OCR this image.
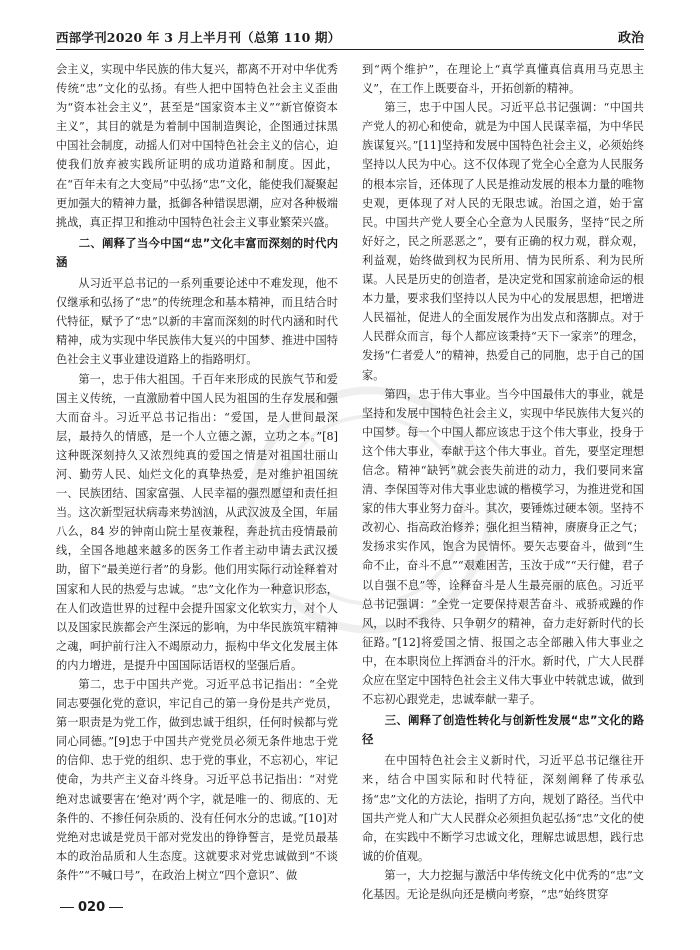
西部学刊2020 年 3 月上半月刊（总第 110 期）	政治

会主义，实现中华民族的伟大复兴，都离不开对中华优秀传统“忠”文化的弘扬。有些人把中国特色社会主义歪曲为“资本社会主义”，甚至是“国家资本主义”“新官僚资本主义”，其目的就是为着制中国制造舆论，企图通过抹黑中国社会制度，动摇人们对中国特色社会主义的信心，迫使我们放弃被实践所证明的成功道路和制度。因此，在“百年未有之大变局”中弘扬“忠”文化，能使我们凝聚起更加强大的精神力量，抵御各种错误思潮，应对各种极端挑战，真正捍卫和推动中国特色社会主义事业繁荣兴盛。

二、阐释了当今中国“忠”文化丰富而深刻的时代内涵

从习近平总书记的一系列重要论述中不难发现，他不仅继承和弘扬了“忠”的传统理念和基本精神，而且结合时代特征，赋予了“忠”以新的丰富而深刻的时代内涵和时代精神，成为实现中华民族伟大复兴的中国梦、推进中国特色社会主义事业建设道路上的指路明灯。

第一，忠于伟大祖国。千百年来形成的民族气节和爱国主义传统，一直激励着中国人民为祖国的生存发展和强大而奋斗。习近平总书记指出：“爱国，是人世间最深层，最持久的情感，是一个人立德之源，立功之本。”[8]这种既深刻持久又浓烈纯真的爱国之情是对祖国壮丽山河、勤劳人民、灿烂文化的真挚热爱，是对维护祖国统一、民族团结、国家富强、人民幸福的强烈愿望和责任担当。这次新型冠状病毒来势汹汹，从武汉波及全国，年届八么，84 岁的钟南山院士星夜兼程，奔赴抗击疫情最前线，全国各地越来越多的医务工作者主动申请去武汉援助，留下“最美逆行者”的身影。他们用实际行动诠释着对国家和人民的热爱与忠诚。“忠”文化作为一种意识形态，在人们改造世界的过程中会提升国家文化软实力，对个人以及国家民族都会产生深远的影响，为中华民族筑牢精神之魂，呵护前行注入不竭原动力，振构中华文化发展主体的内力增进，是提升中国国际话语权的坚强后盾。

第二，忠于中国共产党。习近平总书记指出：“全党同志要强化党的意识，牢记自己的第一身份是共产党员，第一职责是为党工作，做到忠诚于组织，任何时候都与党同心同德。”[9]忠于中国共产党党员必须无条件地忠于党的信仰、忠于党的组织、忠于党的事业，不忘初心，牢记使命，为共产主义奋斗终身。习近平总书记指出：“对党绝对忠诚要害在‘绝对’两个字，就是唯一的、彻底的、无条件的、不掺任何杂质的、没有任何水分的忠诚。”[10]对党绝对忠诚是党员干部对党发出的铮铮誓言，是党员最基本的政治品质和人生态度。这就要求对党忠诚做到“不谈条件”“不喊口号”，在政治上树立“四个意识”、做

到“两个维护”，在理论上“真学真懂真信真用马克思主义”，在工作上既要奋斗，开拓创新的精神。

第三，忠于中国人民。习近平总书记强调：“中国共产党人的初心和使命，就是为中国人民谋幸福，为中华民族谋复兴。”[11]坚持和发展中国特色社会主义，必须始终坚持以人民为中心。这不仅体现了党全心全意为人民服务的根本宗旨，还体现了人民是推动发展的根本力量的唯物史观，更体现了对人民的无限忠诚。治国之道，始于富民。中国共产党人要全心全意为人民服务，坚持“民之所好好之，民之所恶恶之”，要有正确的权力观，群众观，利益观，始终做到权为民所用、情为民所系、利为民所谋。人民是历史的创造者，是决定党和国家前途命运的根本力量，要求我们坚持以人民为中心的发展思想，把增进人民福祉，促进人的全面发展作为出发点和落脚点。对于人民群众而言，每个人都应该秉持“天下一家亲”的理念，发扬“仁者爱人”的精神，热爱自己的同胞，忠于自己的国家。

第四，忠于伟大事业。当今中国最伟大的事业，就是坚持和发展中国特色社会主义，实现中华民族伟大复兴的中国梦。每一个中国人都应该忠于这个伟大事业，投身于这个伟大事业，奉献于这个伟大事业。首先，要坚定理想信念。精神“缺钙”就会丧失前进的动力，我们要同来富清、李保国等对伟大事业忠诚的楷模学习，为推进党和国家的伟大事业努力奋斗。其次，要锤炼过硬本领。坚持不改初心、指高政治修养；强化担当精神，赓赓身正之气；发扬求实作风，饱含为民情怀。要矢志要奋斗，做到“生命不止，奋斗不息”“艰难困苦，玉汝于成”“天行健，君子以自强不息”等，诠释奋斗是人生最亮丽的底色。习近平总书记强调：“全党一定要保持艰苦奋斗、戒骄戒躁的作风，以时不我待、只争朝夕的精神，奋力走好新时代的长征路。”[12]将爱国之情、报国之志全部融入伟大事业之中，在本职岗位上挥洒奋斗的汗水。新时代，广大人民群众应在坚定中国特色社会主义伟大事业中转就忠诚，做到不忘初心跟党走，忠诚奉献一辈子。

三、阐释了创造性转化与创新性发展“忠”文化的路径

在中国特色社会主义新时代，习近平总书记继往开来，结合中国实际和时代特征，深刻阐释了传承弘扬“忠”文化的方法论，指明了方向，规划了路径。当代中国共产党人和广大人民群众必须担负起弘扬“忠”文化的使命，在实践中不断学习忠诚文化，理解忠诚思想，践行忠诚的价值观。

第一，大力挖掘与激活中华传统文化中优秀的“忠”文化基因。无论是纵向还是横向考察，“忠”始终贯穿

020
